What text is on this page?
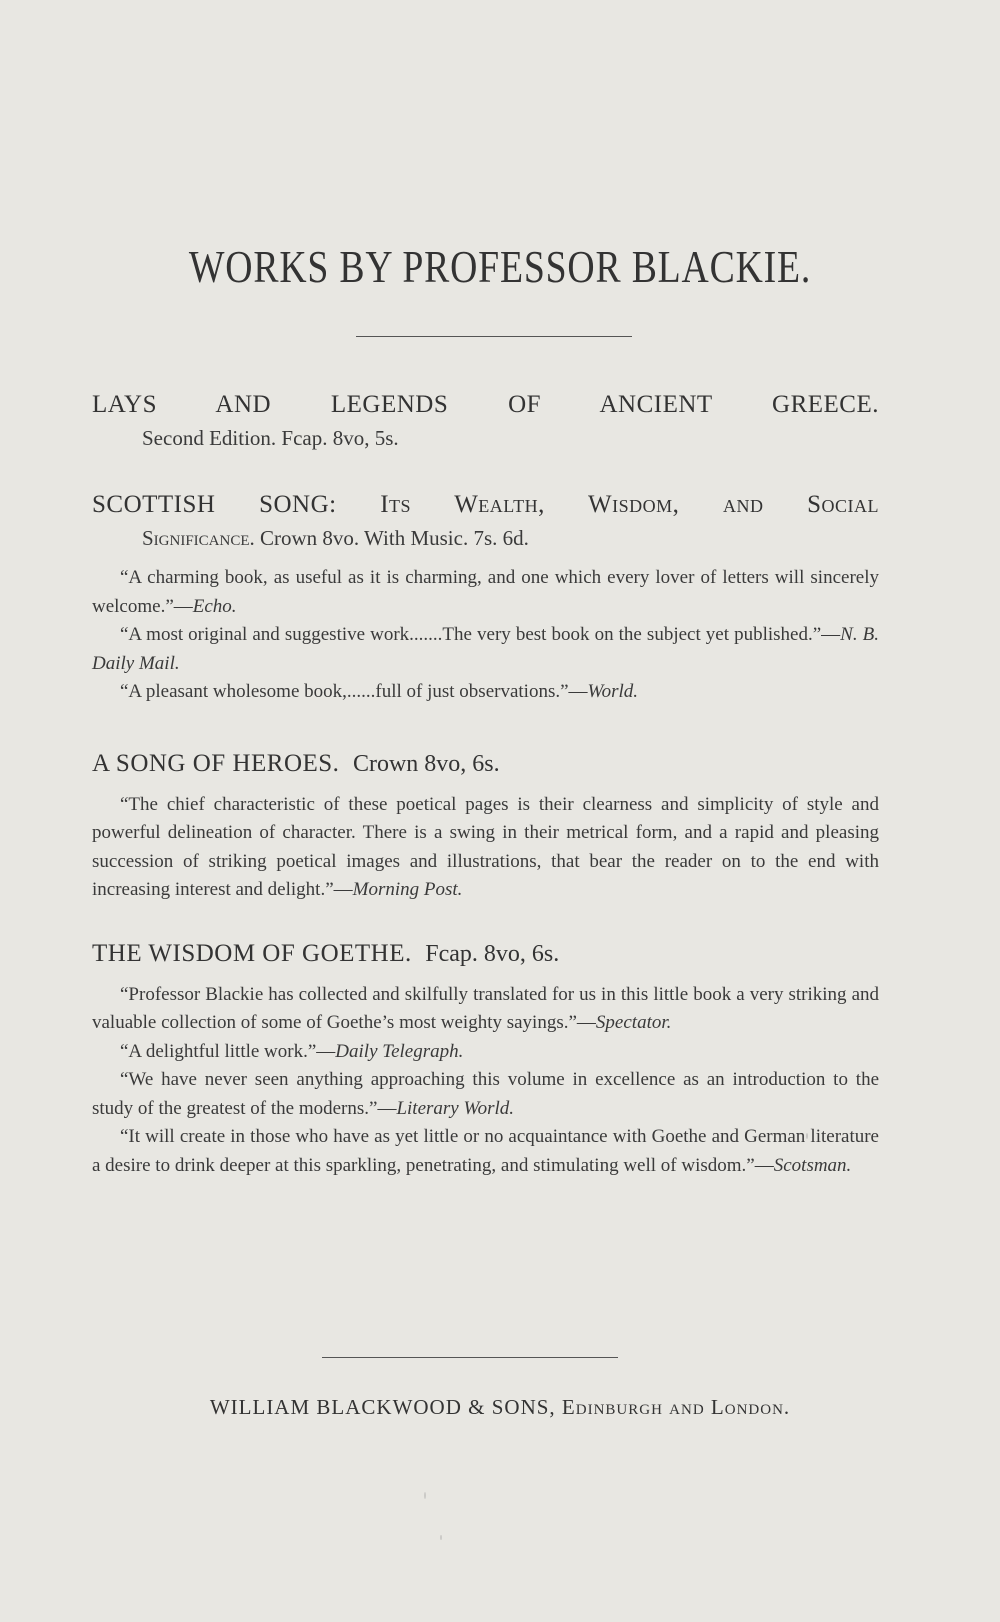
WORKS BY PROFESSOR BLACKIE.
LAYS AND LEGENDS OF ANCIENT GREECE.
Second Edition. Fcap. 8vo, 5s.
SCOTTISH SONG: Its Wealth, Wisdom, and Social
Significance. Crown 8vo. With Music. 7s. 6d.

“A charming book, as useful as it is charming, and one which every lover of letters will sincerely welcome.”—Echo.

“A most original and suggestive work.......The very best book on the subject yet published.”—N. B. Daily Mail.

“A pleasant wholesome book,......full of just observations.”—World.

A SONG OF HEROES. Crown 8vo, 6s.

“The chief characteristic of these poetical pages is their clearness and simplicity of style and powerful delineation of character. There is a swing in their metrical form, and a rapid and pleasing succession of striking poetical images and illustrations, that bear the reader on to the end with increasing interest and delight.”—Morning Post.

THE WISDOM OF GOETHE. Fcap. 8vo, 6s.

“Professor Blackie has collected and skilfully translated for us in this little book a very striking and valuable collection of some of Goethe’s most weighty sayings.”—Spectator.

“A delightful little work.”—Daily Telegraph.

“We have never seen anything approaching this volume in excellence as an introduction to the study of the greatest of the moderns.”—Literary World.

“It will create in those who have as yet little or no acquaintance with Goethe and German literature a desire to drink deeper at this sparkling, penetrating, and stimulating well of wisdom.”—Scotsman.

WILLIAM BLACKWOOD & SONS, Edinburgh and London.
